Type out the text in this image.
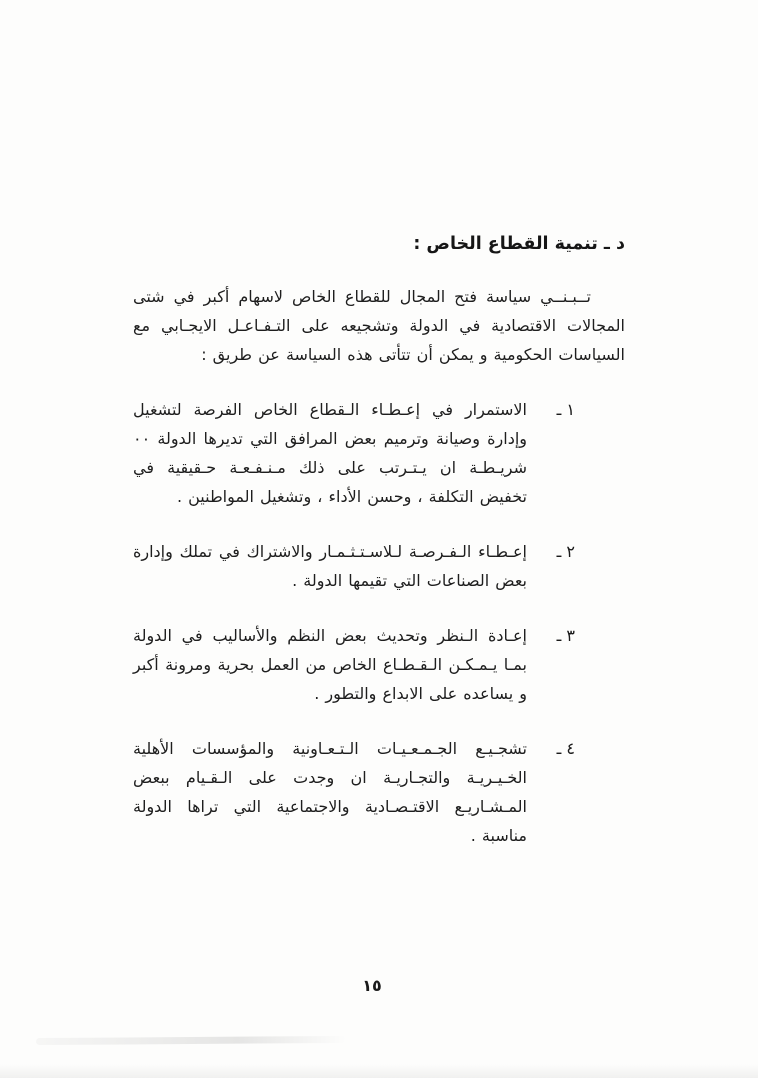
د ـ تنمية القطاع الخاص :

تــبـنــي سياسة فتح المجال للقطاع الخاص لاسهام أكبر في شتى المجالات الاقتصادية في الدولة وتشجيعه على التـفـاعـل الايجـابي مع السياسات الحكومية و يمكن أن تتأتى هذه السياسة عن طريق :

١ ـ

الاستمرار في إعـطـاء الـقطاع الخاص الفرصة لتشغيل وإدارة وصيانة وترميم بعض المرافق التي تديرها الدولة ٠٠ شريـطـة ان يـتـرتب على ذلك مـنـفـعـة حـقيقية في تخفيض التكلفة ، وحسن الأداء ، وتشغيل المواطنين .

٢ ـ

إعـطـاء الـفـرصـة لـلاسـتـثـمـار والاشتراك في تملك وإدارة بعض الصناعات التي تقيمها الدولة .

٣ ـ

إعـادة الـنظر وتحديث بعض النظم والأساليب في الدولة بمـا يـمـكـن الـقـطـاع الخاص من العمل بحرية ومرونة أكبر و يساعده على الابداع والتطور .

٤ ـ

تشجـيـع الجـمـعـيـات الـتـعـاونية والمؤسسات الأهلية الخـيـريـة والتجـاريـة ان وجدت على الـقـيام ببعض المـشـاريـع الاقتـصـادية والاجتماعية التي تراها الدولة مناسبة .

١٥
